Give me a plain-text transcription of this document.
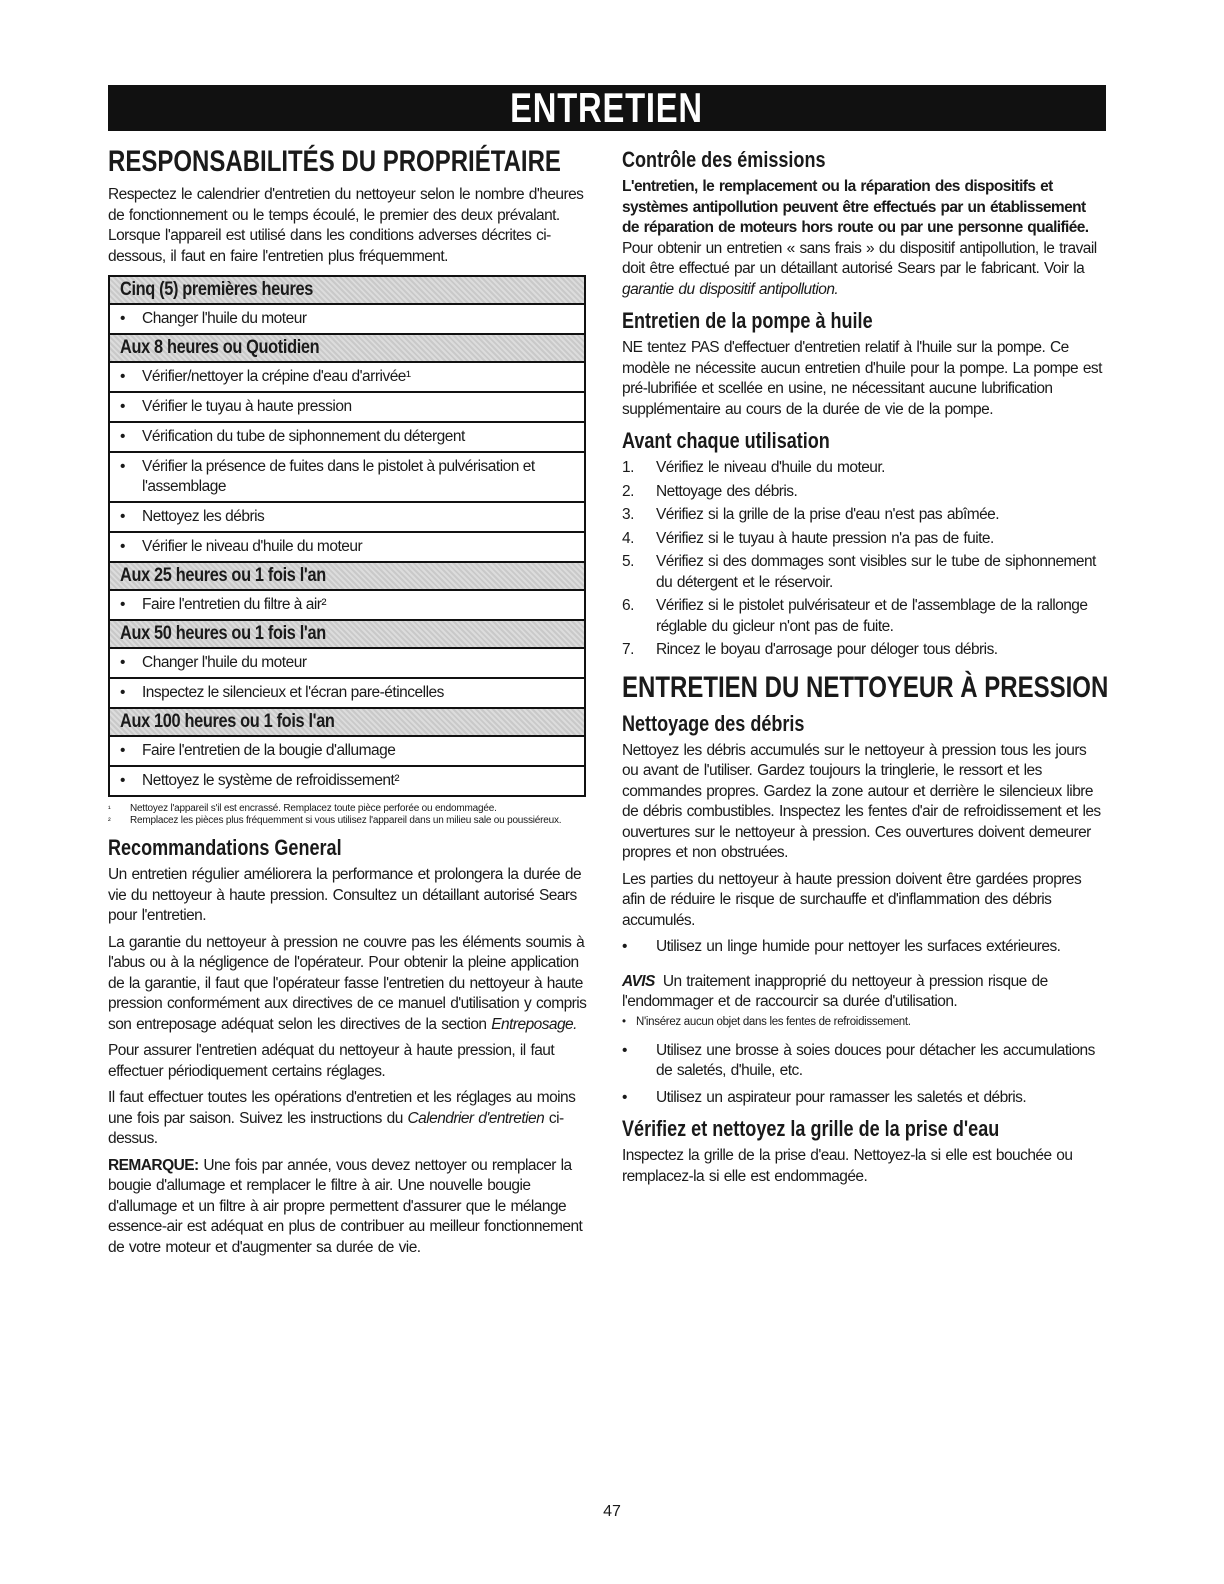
ENTRETIEN
RESPONSABILITÉS DU PROPRIÉTAIRE

Respectez le calendrier d'entretien du nettoyeur selon le nombre d'heures de fonctionnement ou le temps écoulé, le premier des deux prévalant.

Lorsque l'appareil est utilisé dans les conditions adverses décrites ci-dessous, il faut en faire l'entretien plus fréquemment.

Cinq (5) premières heures

•	Changer l'huile du moteur

Aux 8 heures ou Quotidien

•	Vérifier/nettoyer la crépine d'eau d'arrivée¹

•	Vérifier le tuyau à haute pression

•	Vérification du tube de siphonnement du détergent

•	Vérifier la présence de fuites dans le pistolet à pulvérisation et l'assemblage

•	Nettoyez les débris

•	Vérifier le niveau d'huile du moteur

Aux 25 heures ou 1 fois l'an

•	Faire l'entretien du filtre à air²

Aux 50 heures ou 1 fois l'an

•	Changer l'huile du moteur

•	Inspectez le silencieux et l'écran pare-étincelles

Aux 100 heures ou 1 fois l'an

•	Faire l'entretien de la bougie d'allumage

•	Nettoyez le système de refroidissement²
¹	Nettoyez l'appareil s'il est encrassé. Remplacez toute pièce perforée ou endommagée.
²	Remplacez les pièces plus fréquemment si vous utilisez l'appareil dans un milieu sale ou poussiéreux.
Recommandations General

Un entretien régulier améliorera la performance et prolongera la durée de vie du nettoyeur à haute pression. Consultez un détaillant autorisé Sears pour l'entretien.

La garantie du nettoyeur à pression ne couvre pas les éléments soumis à l'abus ou à la négligence de l'opérateur. Pour obtenir la pleine application de la garantie, il faut que l'opérateur fasse l'entretien du nettoyeur à haute pression conformément aux directives de ce manuel d'utilisation y compris son entreposage adéquat selon les directives de la section Entreposage.

Pour assurer l'entretien adéquat du nettoyeur à haute pression, il faut effectuer périodiquement certains réglages.

Il faut effectuer toutes les opérations d'entretien et les réglages au moins une fois par saison. Suivez les instructions du Calendrier d'entretien ci-dessus.

REMARQUE: Une fois par année, vous devez nettoyer ou remplacer la bougie d'allumage et remplacer le filtre à air. Une nouvelle bougie d'allumage et un filtre à air propre permettent d'assurer que le mélange essence-air est adéquat en plus de contribuer au meilleur fonctionnement de votre moteur et d'augmenter sa durée de vie.

Contrôle des émissions

L'entretien, le remplacement ou la réparation des dispositifs et systèmes antipollution peuvent être effectués par un établissement de réparation de moteurs hors route ou par une personne qualifiée. Pour obtenir un entretien « sans frais » du dispositif antipollution, le travail doit être effectué par un détaillant autorisé Sears par le fabricant. Voir la garantie du dispositif antipollution.

Entretien de la pompe à huile

NE tentez PAS d'effectuer d'entretien relatif à l'huile sur la pompe. Ce modèle ne nécessite aucun entretien d'huile pour la pompe. La pompe est pré-lubrifiée et scellée en usine, ne nécessitant aucune lubrification supplémentaire au cours de la durée de vie de la pompe.

Avant chaque utilisation
1.	Vérifiez le niveau d'huile du moteur.
2.	Nettoyage des débris.
3.	Vérifiez si la grille de la prise d'eau n'est pas abîmée.
4.	Vérifiez si le tuyau à haute pression n'a pas de fuite.
5.	Vérifiez si des dommages sont visibles sur le tube de siphonnement du détergent et le réservoir.
6.	Vérifiez si le pistolet pulvérisateur et de l'assemblage de la rallonge réglable du gicleur n'ont pas de fuite.
7.	Rincez le boyau d'arrosage pour déloger tous débris.
ENTRETIEN DU NETTOYEUR À PRESSION
Nettoyage des débris

Nettoyez les débris accumulés sur le nettoyeur à pression tous les jours ou avant de l'utiliser. Gardez toujours la tringlerie, le ressort et les commandes propres. Gardez la zone autour et derrière le silencieux libre de débris combustibles. Inspectez les fentes d'air de refroidissement et les ouvertures sur le nettoyeur à pression. Ces ouvertures doivent demeurer propres et non obstruées.

Les parties du nettoyeur à haute pression doivent être gardées propres afin de réduire le risque de surchauffe et d'inflammation des débris accumulés.

•	Utilisez un linge humide pour nettoyer les surfaces extérieures.

AVIS Un traitement inapproprié du nettoyeur à pression risque de l'endommager et de raccourcir sa durée d'utilisation.

• N'insérez aucun objet dans les fentes de refroidissement.
•	Utilisez une brosse à soies douces pour détacher les accumulations de saletés, d'huile, etc.
•	Utilisez un aspirateur pour ramasser les saletés et débris.
Vérifiez et nettoyez la grille de la prise d'eau

Inspectez la grille de la prise d'eau. Nettoyez-la si elle est bouchée ou remplacez-la si elle est endommagée.

47
